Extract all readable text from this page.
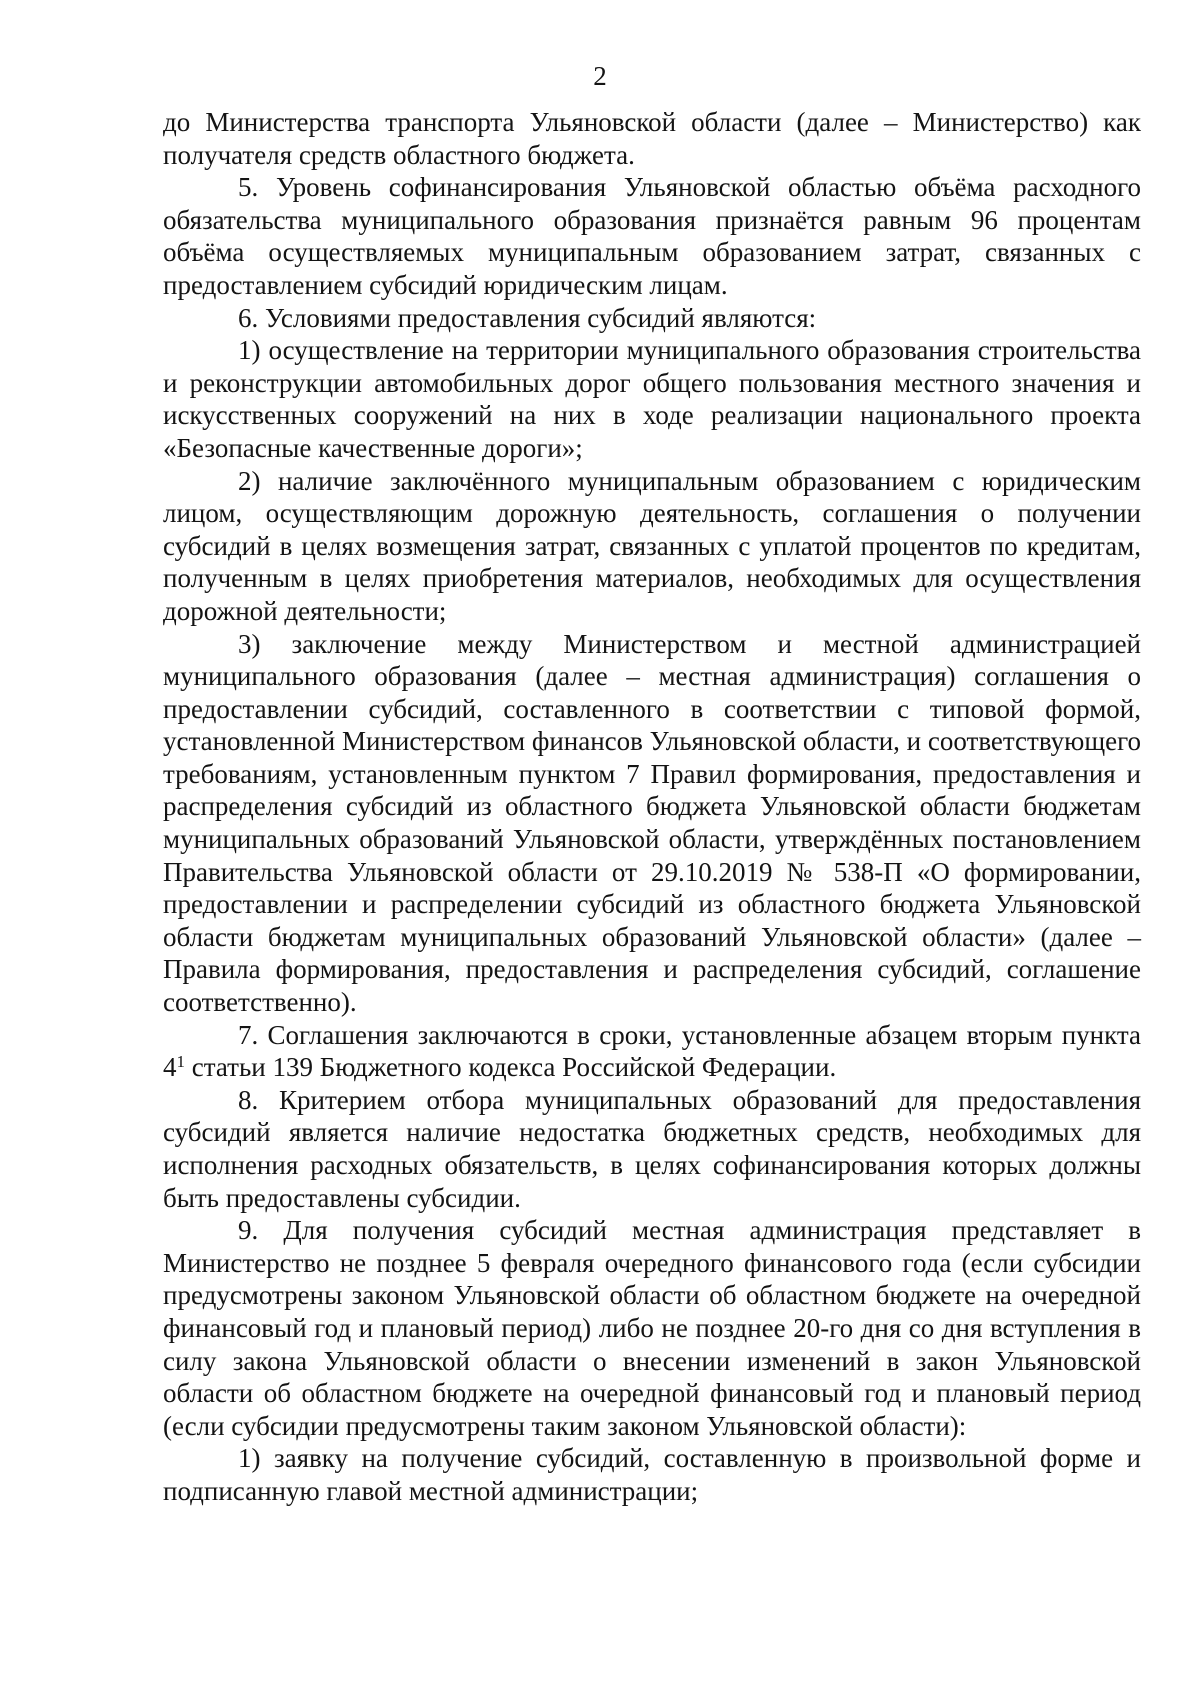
2

до Министерства транспорта Ульяновской области (далее – Министерство) как получателя средств областного бюджета.

5. Уровень софинансирования Ульяновской областью объёма расходного обязательства муниципального образования признаётся равным 96 процентам объёма осуществляемых муниципальным образованием затрат, связанных с предоставлением субсидий юридическим лицам.

6. Условиями предоставления субсидий являются:

1) осуществление на территории муниципального образования строительства и реконструкции автомобильных дорог общего пользования местного значения и искусственных сооружений на них в ходе реализации национального проекта «Безопасные качественные дороги»;

2) наличие заключённого муниципальным образованием с юридическим лицом, осуществляющим дорожную деятельность, соглашения о получении субсидий в целях возмещения затрат, связанных с уплатой процентов по кредитам, полученным в целях приобретения материалов, необходимых для осуществления дорожной деятельности;

3) заключение между Министерством и местной администрацией муниципального образования (далее – местная администрация) соглашения о предоставлении субсидий, составленного в соответствии с типовой формой, установленной Министерством финансов Ульяновской области, и соответствующего требованиям, установленным пунктом 7 Правил формирования, предоставления и распределения субсидий из областного бюджета Ульяновской области бюджетам муниципальных образований Ульяновской области, утверждённых постановлением Правительства Ульяновской области от 29.10.2019 № 538-П «О формировании, предоставлении и распределении субсидий из областного бюджета Ульяновской области бюджетам муниципальных образований Ульяновской области» (далее – Правила формирования, предоставления и распределения субсидий, соглашение соответственно).

7. Соглашения заключаются в сроки, установленные абзацем вторым пункта $4^1$ статьи 139 Бюджетного кодекса Российской Федерации.

8. Критерием отбора муниципальных образований для предоставления субсидий является наличие недостатка бюджетных средств, необходимых для исполнения расходных обязательств, в целях софинансирования которых должны быть предоставлены субсидии.

9. Для получения субсидий местная администрация представляет в Министерство не позднее 5 февраля очередного финансового года (если субсидии предусмотрены законом Ульяновской области об областном бюджете на очередной финансовый год и плановый период) либо не позднее 20-го дня со дня вступления в силу закона Ульяновской области о внесении изменений в закон Ульяновской области об областном бюджете на очередной финансовый год и плановый период (если субсидии предусмотрены таким законом Ульяновской области):

1) заявку на получение субсидий, составленную в произвольной форме и подписанную главой местной администрации;
